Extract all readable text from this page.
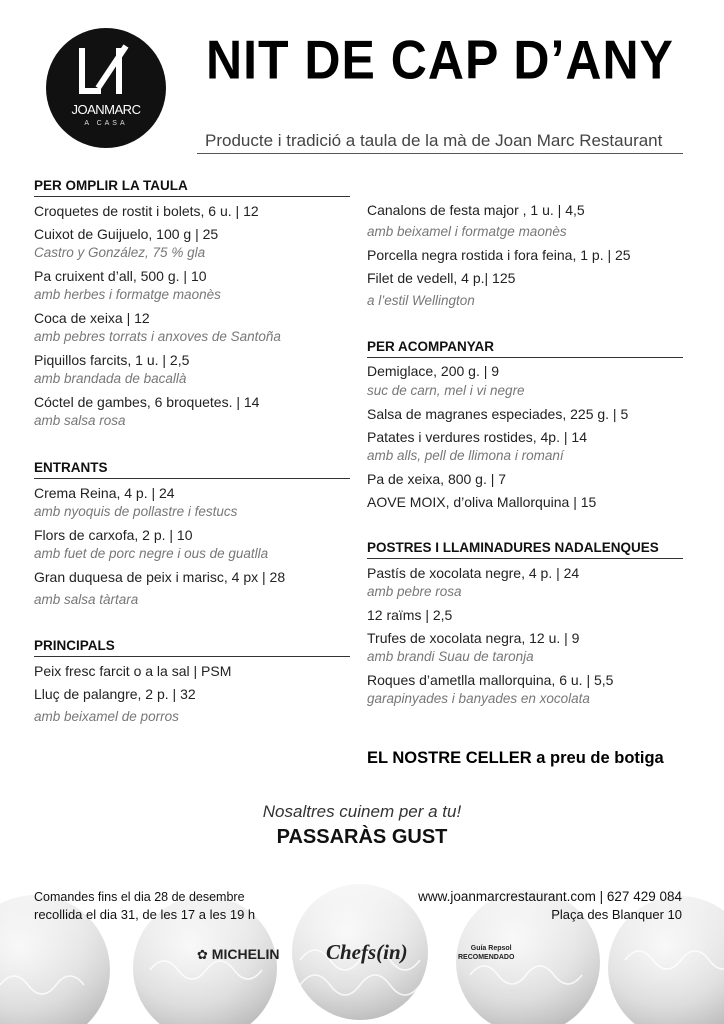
JOANMARC
A CASA
NIT DE CAP D’ANY
Producte i tradició a taula de la mà de Joan Marc Restaurant
PER OMPLIR LA TAULA
Croquetes de rostit i bolets, 6 u. | 12
Cuixot de Guijuelo, 100 g | 25
Castro y González, 75 % gla
Pa cruixent d’all, 500 g. | 10
amb herbes i formatge maonès
Coca de xeixa | 12
amb pebres torrats i anxoves de Santoña
Piquillos farcits, 1 u. | 2,5
amb brandada de bacallà
Cóctel de gambes, 6 broquetes. | 14
amb salsa rosa
ENTRANTS
Crema Reina, 4 p. | 24
amb nyoquis de pollastre i festucs
Flors de carxofa, 2 p. | 10
amb fuet de porc negre i ous de guatlla
Gran duquesa de peix i marisc, 4 px | 28
amb salsa tàrtara
PRINCIPALS
Peix fresc farcit o a la sal | PSM
Lluç de palangre, 2 p. | 32
amb beixamel de porros
Canalons de festa major , 1 u. | 4,5
amb beixamel i formatge maonès
Porcella negra rostida i fora feina, 1 p. | 25
Filet de vedell, 4 p.| 125
a l’estil Wellington
PER ACOMPANYAR
Demiglace, 200 g. | 9
suc de carn, mel i vi negre
Salsa de magranes especiades, 225 g. | 5
Patates i verdures rostides, 4p. | 14
amb alls, pell de llimona i romaní
Pa de xeixa, 800 g. | 7
AOVE MOIX, d’oliva Mallorquina | 15
POSTRES I LLAMINADURES NADALENQUES
Pastís de xocolata negre, 4 p. | 24
amb pebre rosa
12 raïms | 2,5
Trufes de xocolata negra, 12 u. | 9
amb brandi Suau de taronja
Roques d’ametlla mallorquina, 6 u. | 5,5
garapinyades i banyades en xocolata
EL NOSTRE CELLER a preu de botiga
Nosaltres cuinem per a tu!
PASSARÀS GUST
Comandes fins el dia 28 de desembre
recollida el dia 31, de les 17 a les 19 h
www.joanmarcrestaurant.com | 627 429 084
Plaça des Blanquer 10
✿ MICHELIN Chefs(in)	Guía Repsol
RECOMENDADO
